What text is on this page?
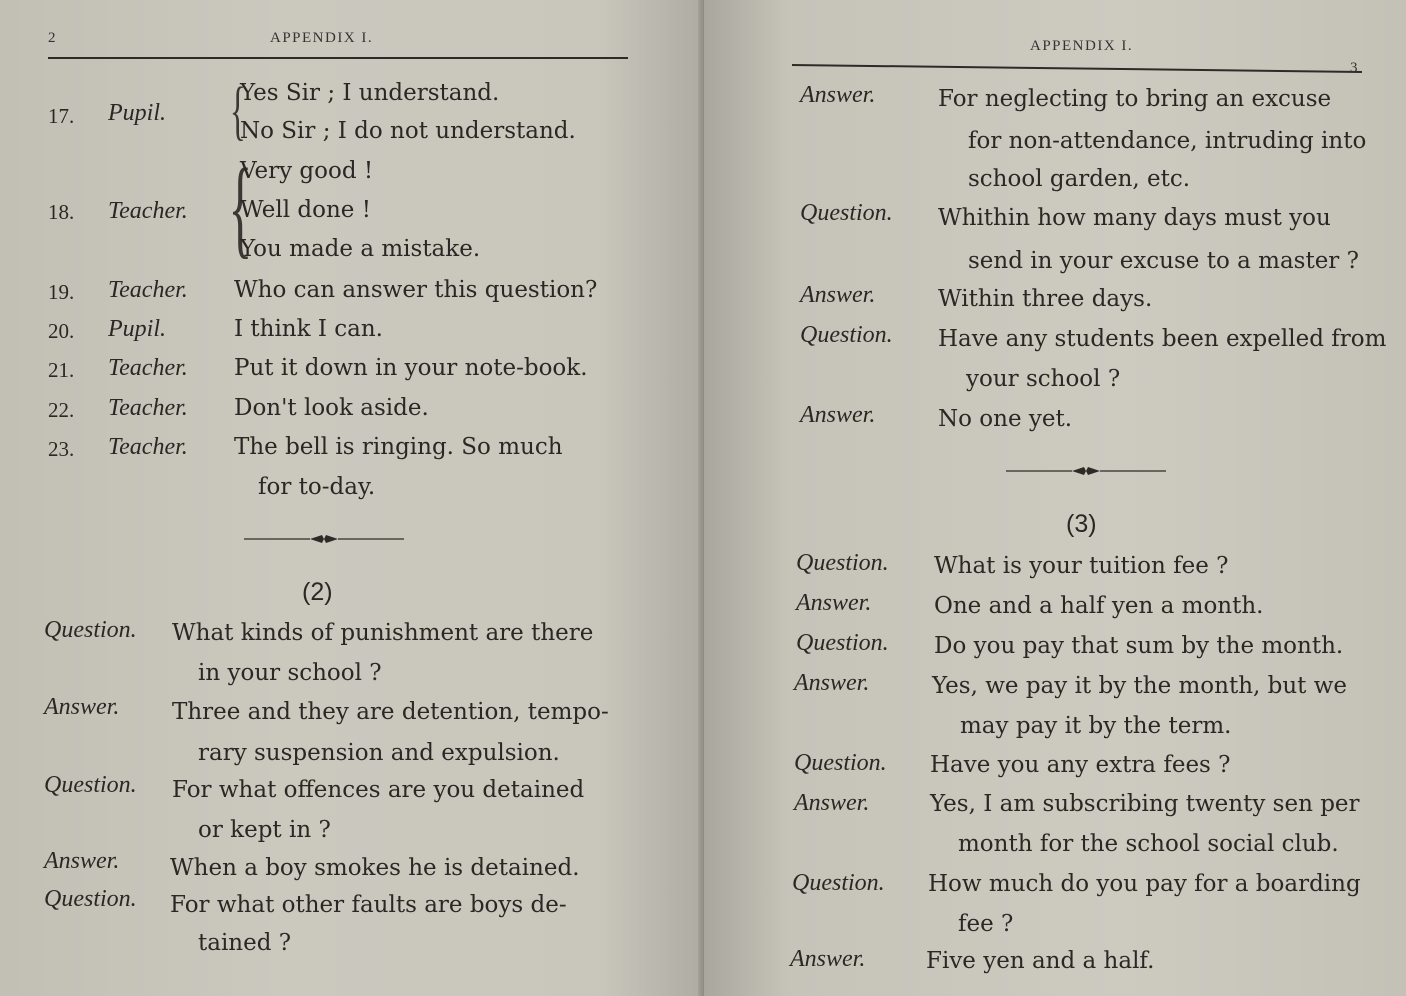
2	APPENDIX I.
17. Pupil. {
Yes Sir ; I understand.
No Sir ; I do not understand.
18. Teacher. {
Very good !
Well done !
You made a mistake.
19. Teacher. Who can answer this question?
20. Pupil.	I think I can.
21. Teacher. Put it down in your note-book.
22. Teacher. Don't look aside.
23. Teacher. The bell is ringing. So much
for to-day.
(2)
Question. What kinds of punishment are there
in your school ?
Answer. Three and they are detention, tempo-
rary suspension and expulsion.
Question. For what offences are you detained
or kept in ?
Answer. When a boy smokes he is detained.
Question. For what other faults are boys de-
tained ?
APPENDIX I.
3
Answer.	For neglecting to bring an excuse
for non-attendance, intruding into
school garden, etc.
Question. Whithin how many days must you
send in your excuse to a master ?
Answer.	Within three days.
Question. Have any students been expelled from
your school ?
Answer.	No one yet.
(3)
Question. What is your tuition fee ?
Answer.	One and a half yen a month.
Question. Do you pay that sum by the month.
Answer.	Yes, we pay it by the month, but we
may pay it by the term.
Question. Have you any extra fees ?
Answer.	Yes, I am subscribing twenty sen per
month for the school social club.
Question. How much do you pay for a boarding
fee ?
Answer.	Five yen and a half.
